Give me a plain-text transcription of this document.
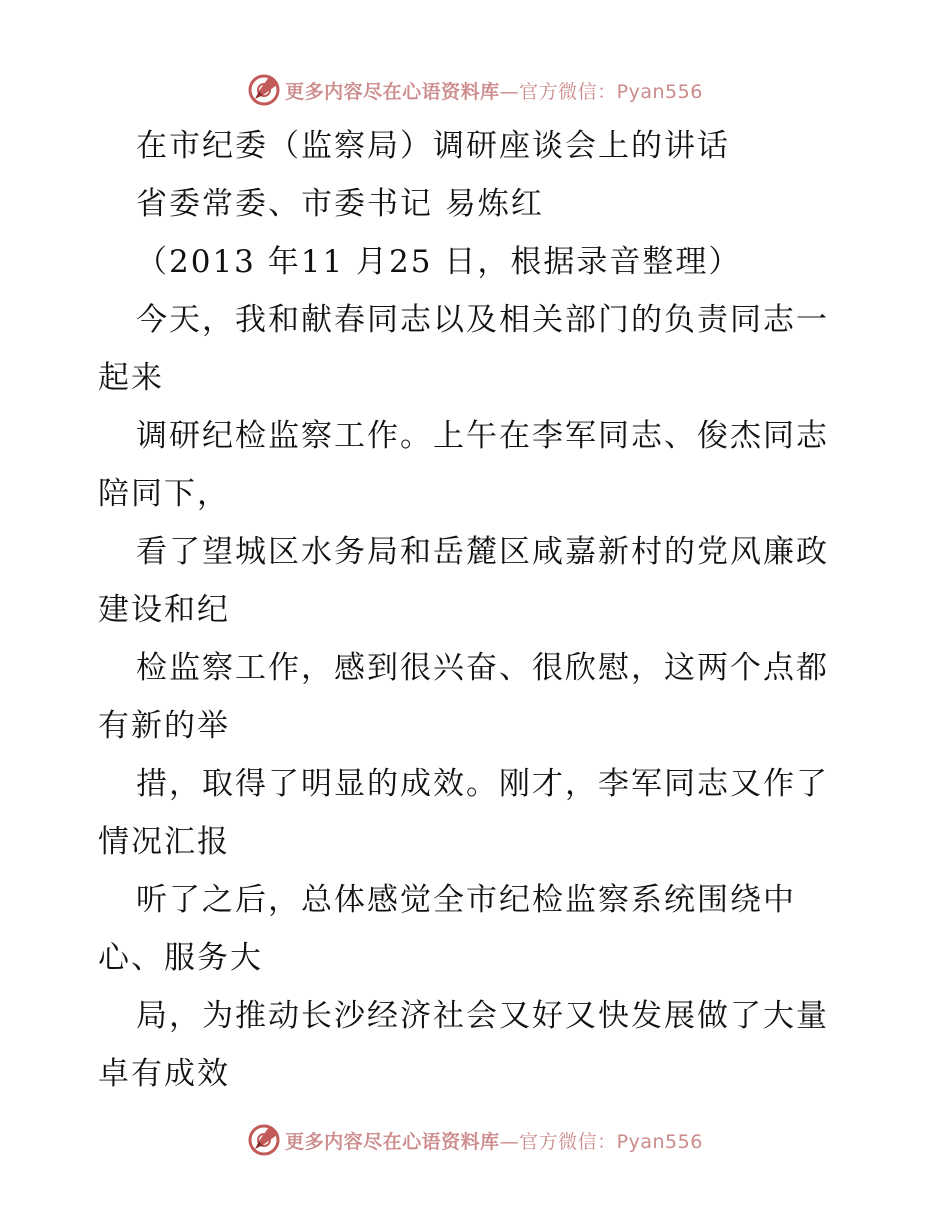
更多内容尽在心语资料库—官方微信：Pyan556
在市纪委（监察局）调研座谈会上的讲话
省委常委、市委书记 易炼红
（2013 年11 月25 日，根据录音整理）
今天，我和献春同志以及相关部门的负责同志一
起来
调研纪检监察工作。上午在李军同志、俊杰同志
陪同下，
看了望城区水务局和岳麓区咸嘉新村的党风廉政
建设和纪
检监察工作，感到很兴奋、很欣慰，这两个点都
有新的举
措，取得了明显的成效。刚才，李军同志又作了
情况汇报
听了之后，总体感觉全市纪检监察系统围绕中
心、服务大
局，为推动长沙经济社会又好又快发展做了大量
卓有成效
更多内容尽在心语资料库—官方微信：Pyan556
